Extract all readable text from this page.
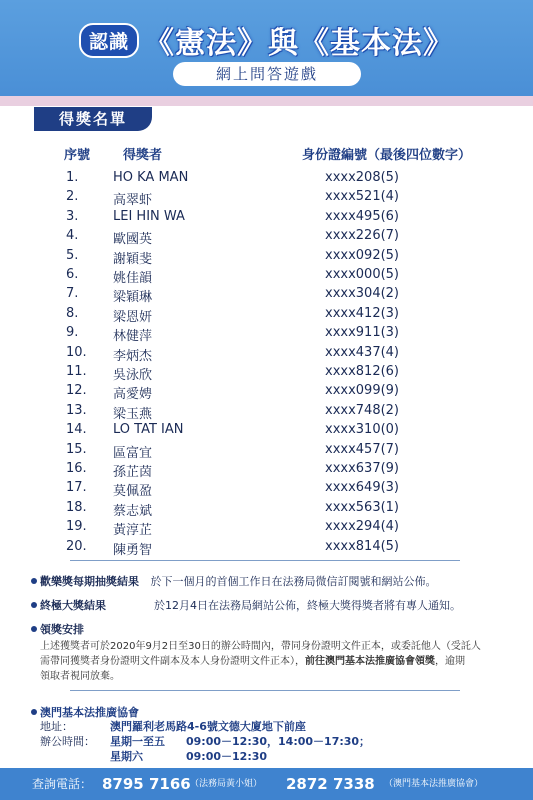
認識 《憲法》與《基本法》
網上問答遊戲
得獎名單
序號	得獎者	身份證編號（最後四位數字）
1.	HO KA MAN	xxxx208(5)
2.	高翠虾	xxxx521(4)
3.	LEI HIN WA	xxxx495(6)
4.	歐國英	xxxx226(7)
5.	謝穎斐	xxxx092(5)
6.	姚佳韻	xxxx000(5)
7.	梁穎琳	xxxx304(2)
8.	梁恩妍	xxxx412(3)
9.	林健萍	xxxx911(3)
10. 李炳杰	xxxx437(4)
11. 吳泳欣	xxxx812(6)
12. 高愛娉	xxxx099(9)
13. 梁玉燕	xxxx748(2)
14. LO TAT IAN	xxxx310(0)
15. 區富宜	xxxx457(7)
16. 孫芷茵	xxxx637(9)
17. 莫佩盈	xxxx649(3)
18. 蔡志斌	xxxx563(1)
19. 黃淳芷	xxxx294(4)
20. 陳勇智	xxxx814(5)
歡樂獎每期抽獎結果 於下一個月的首個工作日在法務局微信訂閱號和網站公佈。
終極大獎結果	於12月4日在法務局網站公佈，終極大獎得獎者將有專人通知。
領獎安排
上述獲獎者可於2020年9月2日至30日的辦公時間內，帶同身份證明文件正本，或委託他人（受託人
需帶同獲獎者身份證明文件副本及本人身份證明文件正本），前往澳門基本法推廣協會領獎，逾期
領取者視同放棄。
澳門基本法推廣協會
地址：	澳門羅利老馬路4-6號文德大廈地下前座
辦公時間： 星期一至五 09:00－12:30，14:00－17:30；
星期六	09:00－12:30
查詢電話： 8795 7166 （法務局黃小姐） 2872 7338 （澳門基本法推廣協會）
